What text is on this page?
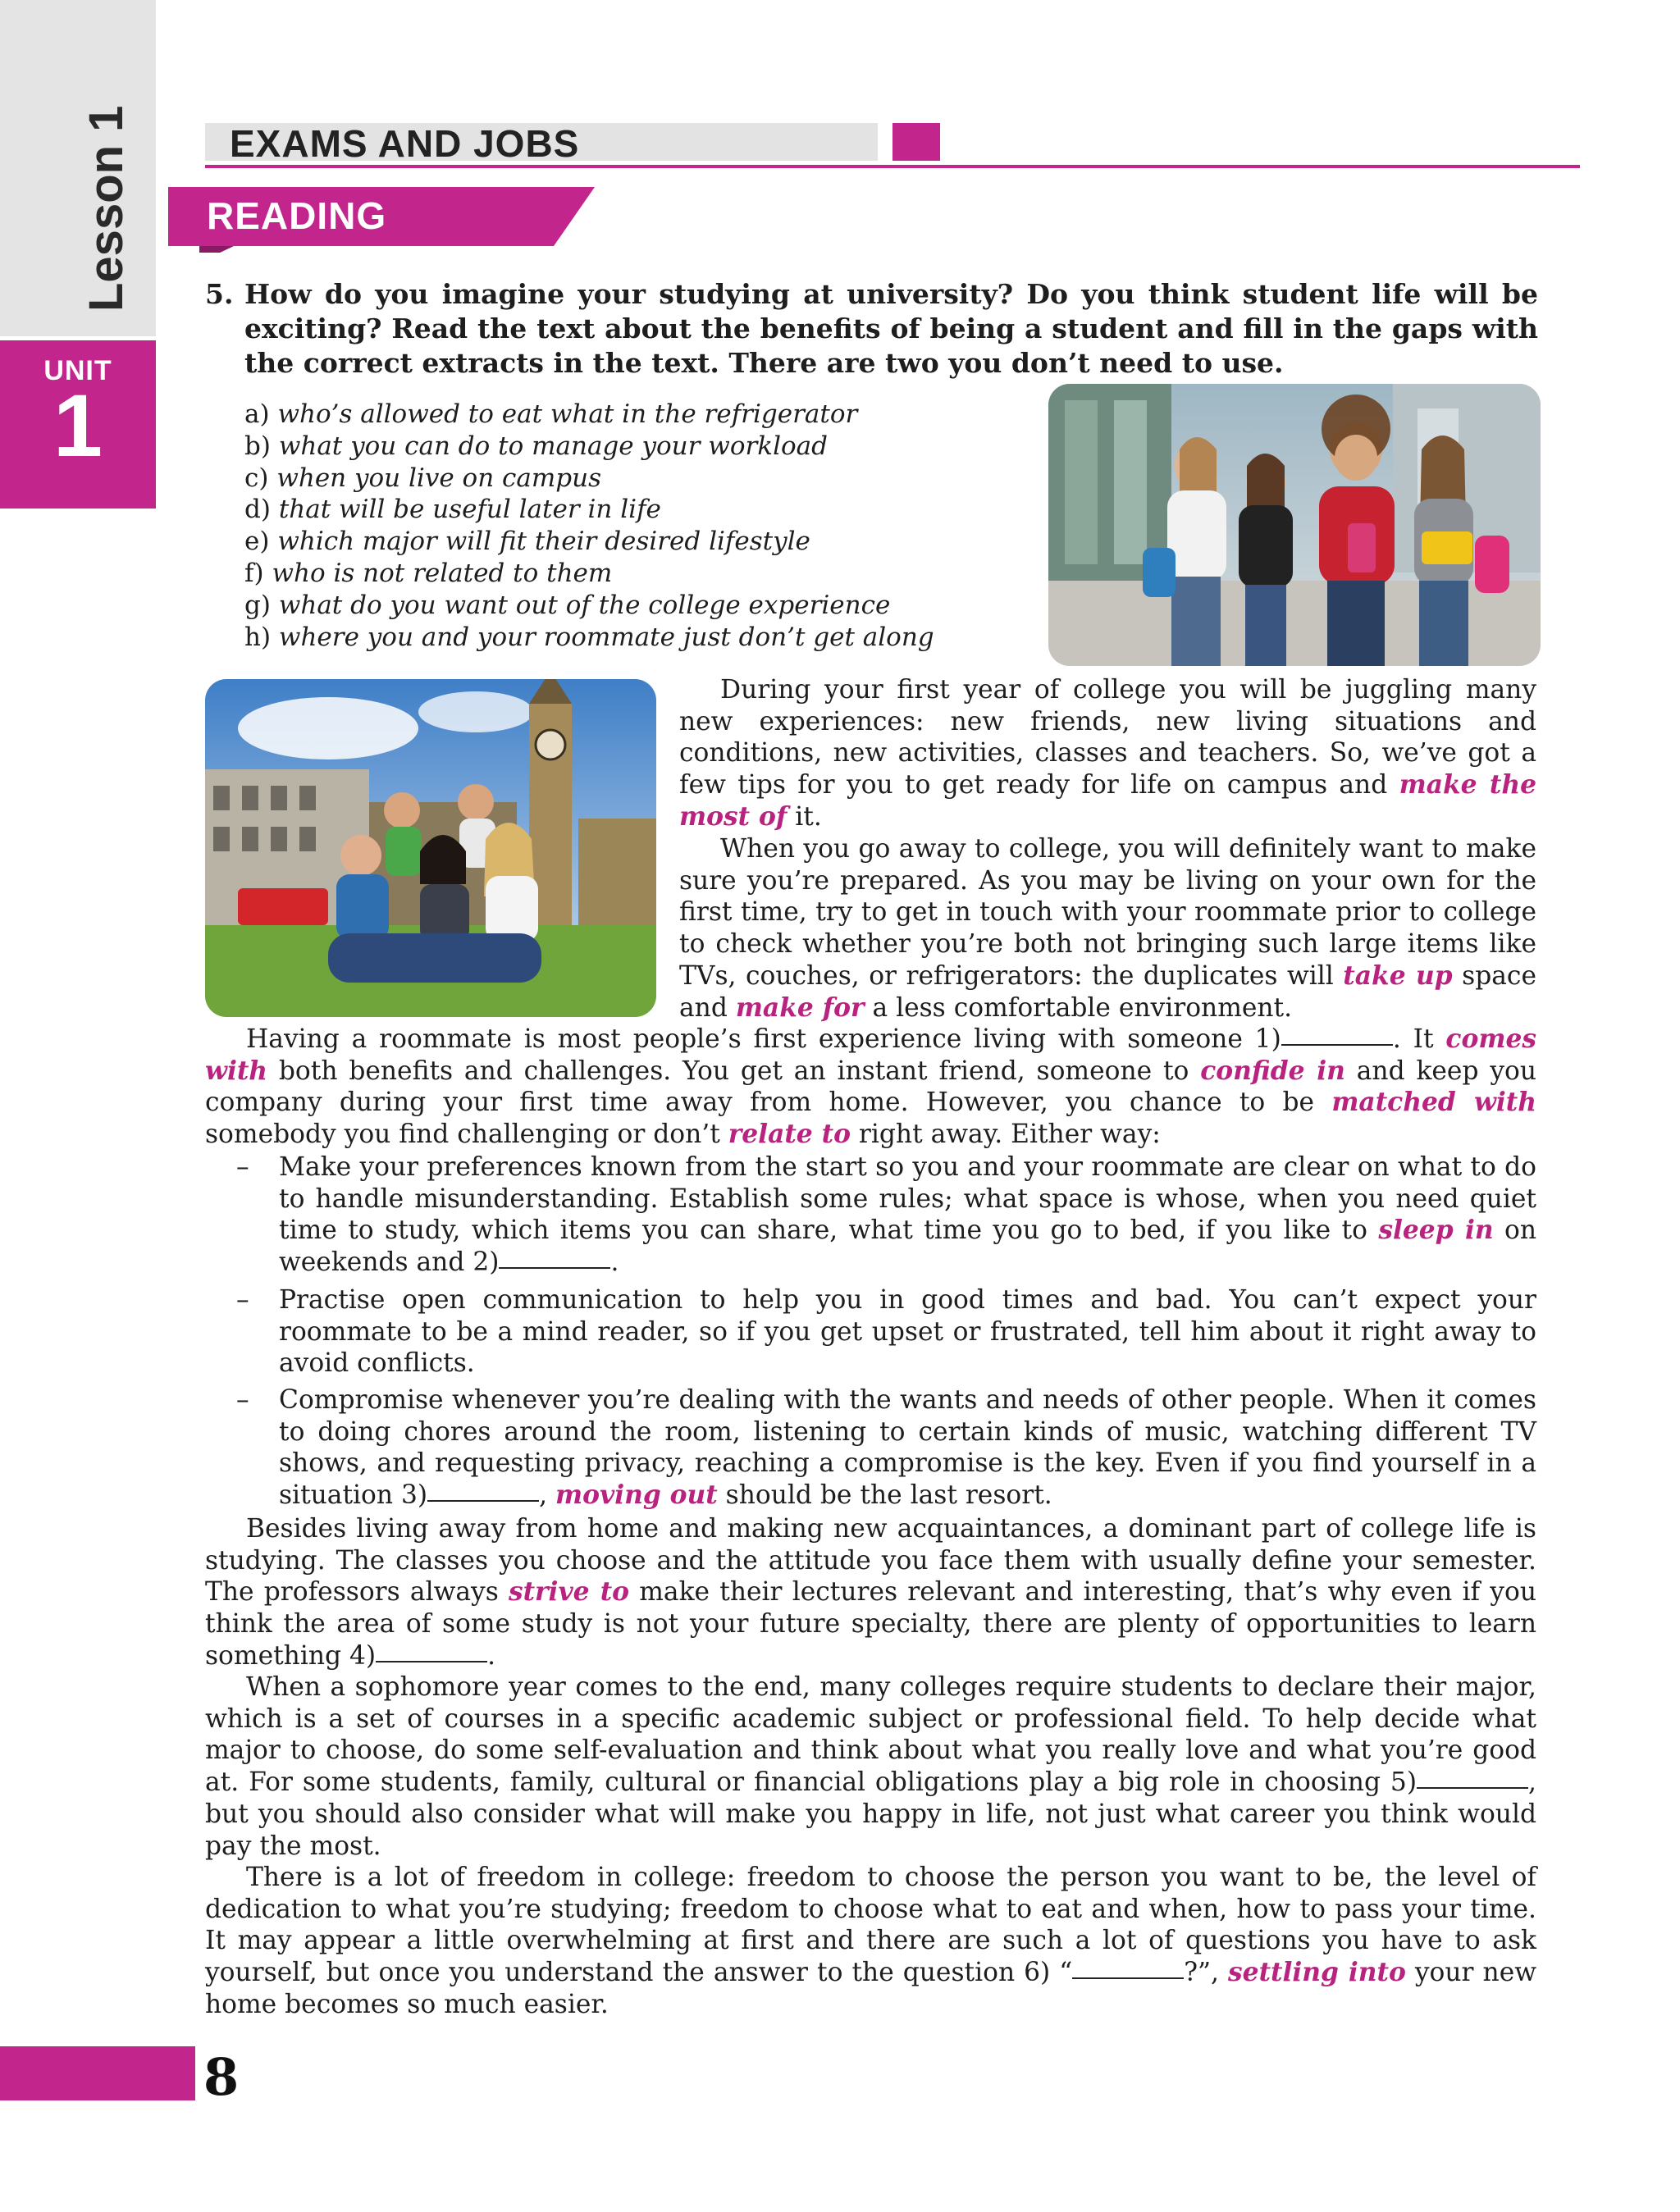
Lesson 1
UNIT
1
EXAMS AND JOBS
READING
5. How do you imagine your studying at university? Do you think student life will be exciting? Read the text about the benefits of being a student and fill in the gaps with the correct extracts in the text. There are two you don’t need to use.
a) who’s allowed to eat what in the refrigerator
b) what you can do to manage your workload
c) when you live on campus
d) that will be useful later in life
e) which major will fit their desired lifestyle
f) who is not related to them
g) what do you want out of the college experience
h) where you and your roommate just don’t get along
During your first year of college you will be juggling many new experiences: new friends, new living situations and conditions, new activities, classes and teachers. So, we’ve got a few tips for you to get ready for life on campus and make the most of it.
When you go away to college, you will definitely want to make sure you’re prepared. As you may be living on your own for the first time, try to get in touch with your roommate prior to college to check whether you’re both not bringing such large items like TVs, couches, or refrigerators: the duplicates will take up space and make for a less comfortable environment.
Having a roommate is most people’s first experience living with someone 1)	. It comes with both benefits and challenges. You get an instant friend, someone to confide in and keep you company during your first time away from home. However, you chance to be matched with somebody you find challenging or don’t relate to right away. Either way:
– Make your preferences known from the start so you and your roommate are clear on what to do to handle misunderstanding. Establish some rules; what space is whose, when you need quiet time to study, which items you can share, what time you go to bed, if you like to sleep in on weekends and 2)	.
– Practise open communication to help you in good times and bad. You can’t expect your roommate to be a mind reader, so if you get upset or frustrated, tell him about it right away to avoid conflicts.
– Compromise whenever you’re dealing with the wants and needs of other people. When it comes to doing chores around the room, listening to certain kinds of music, watching different TV shows, and requesting privacy, reaching a compromise is the key. Even if you find yourself in a situation 3)	, moving out should be the last resort.
Besides living away from home and making new acquaintances, a dominant part of college life is studying. The classes you choose and the attitude you face them with usually define your semester. The professors always strive to make their lectures relevant and interesting, that’s why even if you think the area of some study is not your future specialty, there are plenty of opportunities to learn something 4)	.
When a sophomore year comes to the end, many colleges require students to declare their major, which is a set of courses in a specific academic subject or professional field. To help decide what major to choose, do some self-evaluation and think about what you really love and what you’re good at. For some students, family, cultural or financial obligations play a big role in choosing 5)	, but you should also consider what will make you happy in life, not just what career you think would pay the most.
There is a lot of freedom in college: freedom to choose the person you want to be, the level of dedication to what you’re studying; freedom to choose what to eat and when, how to pass your time. It may appear a little overwhelming at first and there are such a lot of questions you have to ask yourself, but once you understand the answer to the question 6) “	?”, settling into your new home becomes so much easier.
8
